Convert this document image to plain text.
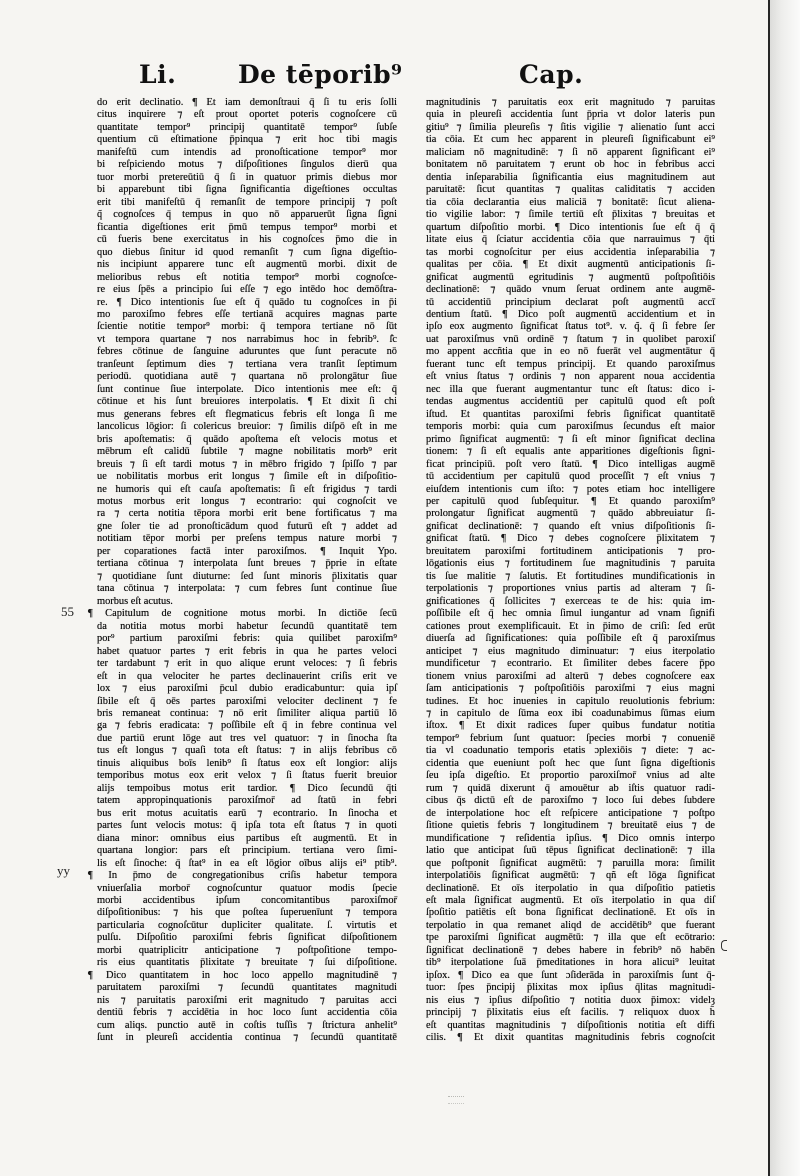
Li. De tēporib⁹	Cap.
55
yy
do erit declinatio. ¶ Et iam demonſtraui q̄ ſi tu eris ſolli
citus inquirere ⁊ eſt prout oportet poteris cognoſcere cū
quantitate tempor⁹ principij quantitatē tempor⁹ ſubſe
quentium cū eſtimatione p̄pinqua ⁊ erit hoc tibi magis
manifeſtū cum intendis ad pronoſticatione tempor⁹ mor
bi reſpiciendo motus ⁊ diſpoſitiones ſingulos dierū qua
tuor morbi pretereūtiū q̄ ſi in quatuor primis diebus mor
bi apparebunt tibi ſigna ſignificantia digeſtiones occultas
erit tibi manifeſtū q̄ remanſit de tempore principij ⁊ poſt
q̃ cognoſces q̄ tempus in quo nō apparuerūt ſigna ſigni
ficantia digeſtiones erit p̄mū tempus tempor⁹ morbi et
cū fueris bene exercitatus in his cognoſces p̄mo die in
quo diebus ſinitur id quod remanſit ⁊ cum ſigna digeſtio-
nis incipiunt apparere tunc eſt augmentū morbi. dixit de
melioribus rebus eſt notitia tempor⁹ morbi cognoſce-
re eius ſpēs a principio ſui eſſe ⁊ ego intēdo hoc demōſtra-
re. ¶ Dico intentionis ſue eſt q̄ quādo tu cognoſces in p̄i
mo paroxiſmo febres eſſe tertianā acquires magnas parte
ſcientie notitie tempor⁹ morbi: q̄ tempora tertiane nō ſūt
vt tempora quartane ⁊ nos narrabimus hoc in febrib⁹. ſ̄c
febres cōtinue de ſanguine aduruntes que ſunt peracute nō
tranſeunt ſeptimum dies ⁊ tertiana vera tranſit ſeptimum
periodū. quotidiana autē ⁊ quartana nō prolongātur ſiue
ſunt continue ſiue interpolate. Dico intentionis mee eſt: q̄
cōtinue et his ſunt breuiores interpolatis. ¶ Et dixit ſi chi
mus generans febres eſt flegmaticus febris eſt longa ſi me
lancolicus lōgior: ſi colericus breuior: ⁊ ſimilis diſpō eſt in me
bris apoſtematis: q̄ quādo apoſtema eſt velocis motus et
mēbrum eſt calidū ſubtile ⁊ magne nobilitatis morb⁹ erit
breuis ⁊ ſi eſt tardi motus ⁊ in mēbro frigido ⁊ ſpiſſo ⁊ par
ue nobilitatis morbus erit longus ⁊ ſimile eſt in diſpoſitio-
ne humoris qui eſt cauſa apoſtematis: ſi eſt frigidus ⁊ tardi
motus morbus erit longus ⁊ econtrario: qui cognoſcit ve
ra ⁊ certa notitia tēpora morbi erit bene fortificatus ⁊ ma
gne ſoler tie ad pronoſticādum quod futurū eſt ⁊ addet ad
notitiam tēpor morbi per preſens tempus nature morbi ⁊
per coparationes factā inter paroxiſmos. ¶ Inquit Ypo.
tertiana cōtinua ⁊ interpolata ſunt breues ⁊ p̄prie in eſtate
⁊ quotidiane ſunt diuturne: ſed ſunt minoris p̄lixitatis quar
tana cōtinua ⁊ interpolata: ⁊ cum febres ſunt continue ſiue
morbus eſt acutus.
¶ Capitulum de cognitione motus morbi. In dictiōe ſecū
da notitia motus morbi habetur ſecundū quantitatē tem
por⁹ partium paroxiſmi febris: quia quilibet paroxiſm⁹
habet quatuor partes ⁊ erit febris in qua he partes veloci
ter tardabunt ⁊ erit in quo alique erunt veloces: ⁊ ſi febris
eſt in qua velociter he partes declinauerint criſis erit ve
lox ⁊ eius paroxiſmi p̄cul dubio eradicabuntur: quia ipſ
ſibile eſt q̄ oēs partes paroxiſmi velociter declinent ⁊ fe
bris remaneat continua: ⁊ nō erit ſimiliter aliqua partiū lō
ga ⁊ febris eradicata: ⁊ poſſibile eſt q̄ in febre continua vel
due partiū erunt lōge aut tres vel quatuor: ⁊ in ſinocha ſta
tus eſt longus ⁊ quaſi tota eſt ſtatus: ⁊ in alijs febribus cō
tinuis aliquibus boīs lenib⁹ ſi ſtatus eox eſt longior: alijs
temporibus motus eox erit velox ⁊ ſi ſtatus fuerit breuior
alijs tempoibus motus erit tardior. ¶ Dico ſecundū q̄ti
tatem appropinquationis paroxiſmor̄ ad ſtatū in febri
bus erit motus acuitatis earū ⁊ econtrario. In ſinocha et
partes ſunt velocis motus: q̄ ipſa tota eſt ſtatus ⁊ in quoti
diana minor: omnibus eius partibus eſt augmentū. Et in
quartana longior: pars eſt principium. tertiana vero ſimi-
lis eſt ſinoche: q̄ ſtat⁹ in ea eſt lōgior oībus alijs ei⁹ ptib⁹.
¶ In p̄mo de congregationibus criſis habetur tempora
vniuerſalia morbor̄ cognoſcuntur quatuor modis ſpecie
morbi accidentibus ipſum concomitantibus paroxiſmor̄
diſpoſitionibus: ⁊ his que poſtea ſuperuenīunt ⁊ tempora
particularia cognoſcūtur dupliciter qualitate. ſ. virtutis et
pulſu. Diſpoſitio paroxiſmi febris ſignificat diſpoſitionem
morbi quatriplicitr anticipatione ⁊ poſtpoſitione tempo-
ris eius quantitatis p̄lixitate ⁊ breuitate ⁊ ſui diſpoſitione.
¶ Dico quantitatem in hoc loco appello magnitudinē ⁊
paruitatem paroxiſmi ⁊ ſecundū quantitates magnitudi
nis ⁊ paruitatis paroxiſmi erit magnitudo ⁊ paruitas acci
dentiū febris ⁊ accidētia in hoc loco ſunt accidentia cōia
cum aliqs. punctio autē in coſtis tuſſis ⁊ ſtrictura anhelit⁹
ſunt in pleureſi accidentia continua ⁊ ſecundū quantitatē
magnitudinis ⁊ paruitatis eox erit magnitudo ⁊ paruitas
quia in pleureſi accidentia ſunt p̄pria vt dolor lateris pun
gitiu⁹ ⁊ ſimilia pleureſis ⁊ ſitis vigilie ⁊ alienatio ſunt acci
tia cōia. Et cum hec apparent in pleureſi ſignificabunt ei⁹
maliciam nō magnitudinē: ⁊ ſi nō apparent ſignificant ei⁹
bonitatem nō paruitatem ⁊ erunt ob hoc in febribus acci
dentia inſeparabilia ſignificantia eius magnitudinem aut
paruitatē: ſicut quantitas ⁊ qualitas caliditatis ⁊ acciden
tia cōia declarantia eius maliciā ⁊ bonitatē: ſicut aliena-
tio vigilie labor: ⁊ ſimile tertiū eſt p̄lixitas ⁊ breuitas et
quartum diſpoſitio morbi. ¶ Dico intentionis ſue eſt q̄ q̄
litate eius q̄ ſciatur accidentia cōia que narrauimus ⁊ q̄ti
tas morbi cognoſcitur per eius accidentia inſeparabilia ⁊
qualitas per cōia. ¶ Et dixit augmentū anticipationis ſi-
gnificat augmentū egritudinis ⁊ augmentū poſtpoſitiōis
declinationē: ⁊ quādo vnum ſeruat ordinem ante augmē-
tū accidentiū principium declarat poſt augmentū accī
dentium ſtatū. ¶ Dico poſt augmentū accidentium et in
ipſo eox augmento ſignificat ſtatus tot⁹. v. q̃. q̄ ſi febre ſer
uat paroxiſmus vnū ordinē ⁊ ſtatum ⁊ in quolibet paroxiſ
mo appent accñtia que in eo nō fuerāt vel augmentātur q̄
fuerant tunc eſt tempus principij. Et quando paroxiſmus
eſt vnius ſtatus ⁊ ordinis ⁊ non apparent noua accidentia
nec illa que fuerant augmentantur tunc eſt ſtatus: dico i-
tendas augmentus accidentiū per capitulū quod eſt poſt
iſtud. Et quantitas paroxiſmi febris ſignificat quantitatē
temporis morbi: quia cum paroxiſmus ſecundus eſt maior
primo ſignificat augmentū: ⁊ ſi eſt minor ſignificat declina
tionem: ⁊ ſi eſt equalis ante apparitiones digeſtionis ſigni-
ficat principiū. poſt vero ſtatū. ¶ Dico intelligas augmē
tū accidentium per capitulū quod proceſſit ⁊ eſt vnius ⁊
eiuſdem intentionis cum iſto: ⁊ potes etiam hoc intelligere
per capitulū quod ſubſequitur. ¶ Et quando paroxiſm⁹
prolongatur ſignificat augmentū ⁊ quādo abbreuiatur ſi-
gnificat declinationē: ⁊ quando eſt vnius diſpoſitionis ſi-
gnificat ſtatū. ¶ Dico ⁊ debes cognoſcere p̄lixitatem ⁊
breuitatem paroxiſmi fortitudinem anticipationis ⁊ pro-
lōgationis eius ⁊ fortitudinem ſue magnitudinis ⁊ paruita
tis ſue malitie ⁊ ſalutis. Et fortitudines mundificationis in
terpolationis ⁊ proportiones vnius partis ad alteram ⁊ ſi-
gnificationes q̄ ſollicites ⁊ exerceas te de his: quia im-
poſſibile eſt q̄ hec omnia ſimul iungantur ad vnam ſignifi
cationes prout exemplificauit. Et in p̄imo de criſi: ſed erūt
diuerſa ad ſignificationes: quia poſſibile eſt q̄ paroxiſmus
anticipet ⁊ eius magnitudo diminuatur: ⁊ eius iterpolatio
mundificetur ⁊ econtrario. Et ſimiliter debes facere p̄po
tionem vnius paroxiſmi ad alterū ⁊ debes cognoſcere eax
ſam anticipationis ⁊ poſtpoſitiōis paroxiſmi ⁊ eius magni
tudines. Et hoc inuenies in capitulo reuolutionis febrium:
⁊ in capitulo de ſūma eox ibi coadunabimus ſūmas eium
iſtox. ¶ Et dixit radices ſuper quibus fundatur notitia
tempor⁹ febrium ſunt quatuor: ſpecies morbi ⁊ conueniē
tia vl coadunatio temporis etatis ɔplexiōis ⁊ diete: ⁊ ac-
cidentia que eueniunt poſt hec que ſunt ſigna digeſtionis
ſeu ipſa digeſtio. Et proportio paroxiſmor̄ vnius ad alte
rum ⁊ quidā dixerunt q̄ amouētur ab iſtis quatuor radi-
cibus q̄s dictū eſt de paroxiſmo ⁊ loco ſui debes ſubdere
de interpolatione hoc eſt reſpicere anticipatione ⁊ poſtpo
ſitione quietis febris ⁊ longitudinem ⁊ breuitatē eius ⁊ de
mundificatione ⁊ reſidentia ipſius. ¶ Dico omnis interpo
latio que anticipat ſuū tēpus ſignificat declinationē: ⁊ illa
que poſtponit ſignificat augmētū: ⁊ paruilla mora: ſimilit
interpolatiōis ſignificat augmētū: ⁊ qñ eſt lōga ſignificat
declinationē. Et oīs iterpolatio in qua diſpoſitio patietis
eſt mala ſignificat augmentū. Et oīs iterpolatio in qua diſ
ſpoſitio patiētis eſt bona ſignificat declinationē. Et oīs in
terpolatio in qua remanet aliqd de accidētib⁹ que fuerant
tpe paroxiſmi ſignificat augmētū: ⁊ illa que eſt ecōtrario:
ſignificat declinationē ⁊ debes habere in febrib⁹ nō habēn
tib⁹ iterpolatione ſuā p̄meditationes in hora alicui⁹ leuitat
ipſox. ¶ Dico ea que ſunt ɔſiderāda in paroxiſmis ſunt q̄-
tuor: ſpes p̄ncipij p̄lixitas mox ipſius q̄litas magnitudi-
nis eius ⁊ ipſius diſpoſitio ⁊ notitia duox p̄imox: videlȝ
principij ⁊ p̄lixitatis eius eſt facilis. ⁊ reliquox duox h̄
eſt quantitas magnitudinis ⁊ diſpoſitionis notitia eſt diffi
cilis. ¶ Et dixit quantitas magnitudinis febris cognoſcit
